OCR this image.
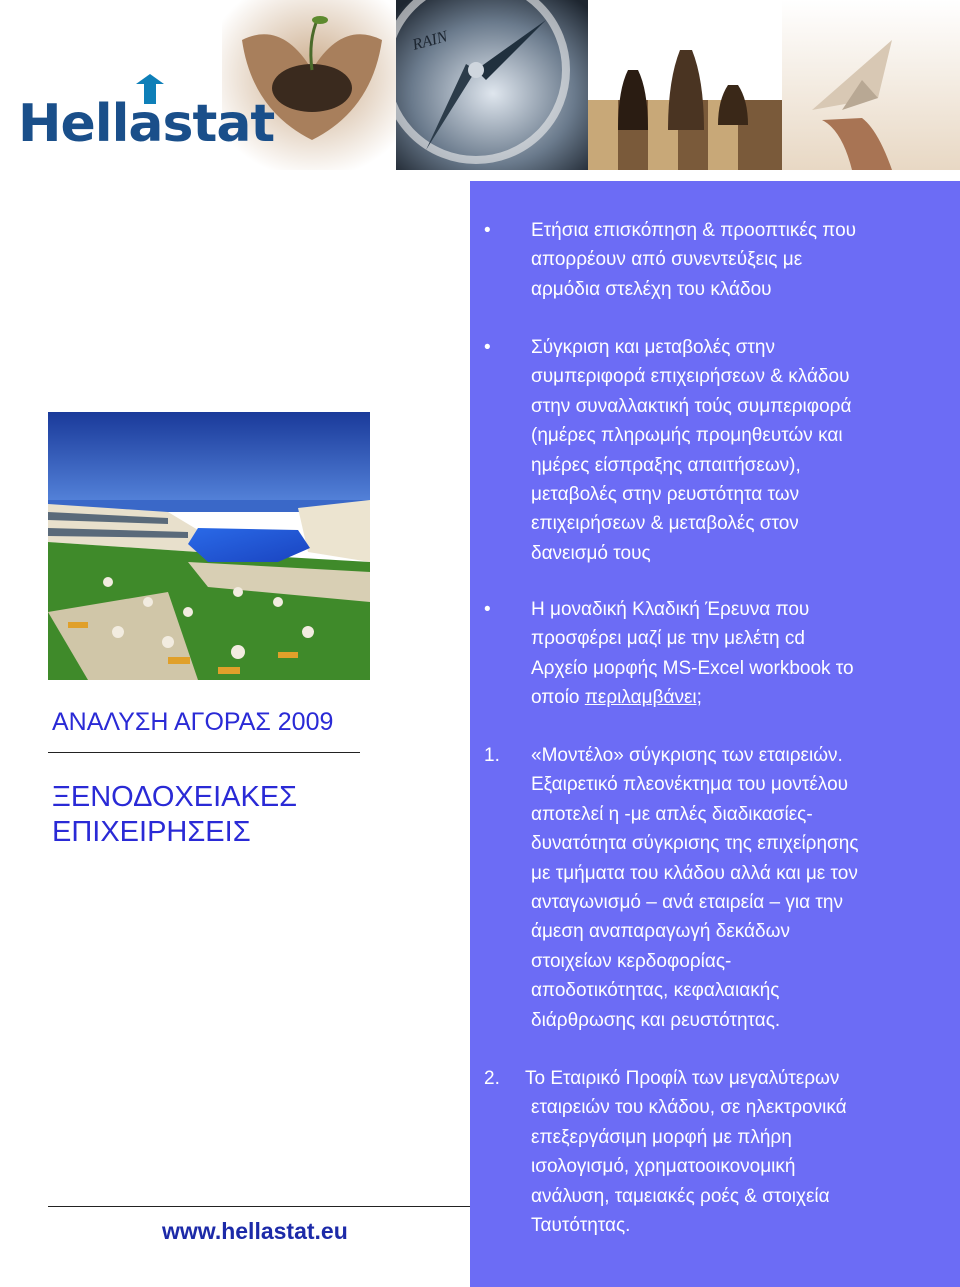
RAIN
Hellastat
ΑΝΑΛΥΣΗ ΑΓΟΡΑΣ 2009
ΞΕΝΟΔΟΧΕΙΑΚΕΣ
ΕΠΙΧΕΙΡΗΣΕΙΣ
www.hellastat.eu
• Ετήσια επισκόπηση & προοπτικές που
απορρέουν από συνεντεύξεις με
αρμόδια στελέχη του κλάδου
• Σύγκριση και μεταβολές στην
συμπεριφορά επιχειρήσεων & κλάδου
στην συναλλακτική τούς συμπεριφορά
(ημέρες πληρωμής προμηθευτών και
ημέρες είσπραξης απαιτήσεων),
μεταβολές στην ρευστότητα των
επιχειρήσεων & μεταβολές στον
δανεισμό τους
• Η μοναδική Κλαδική Έρευνα που
προσφέρει μαζί με την μελέτη cd
Αρχείο μορφής MS-Excel workbook το
οποίο περιλαμβάνει;
1. «Μοντέλο» σύγκρισης των εταιρειών.
Εξαιρετικό πλεονέκτημα του μοντέλου
αποτελεί η -με απλές διαδικασίες-
δυνατότητα σύγκρισης της επιχείρησης
με τμήματα του κλάδου αλλά και με τον
ανταγωνισμό – ανά εταιρεία – για την
άμεση αναπαραγωγή δεκάδων
στοιχείων κερδοφορίας-
αποδοτικότητας, κεφαλαιακής
διάρθρωσης και ρευστότητας.
2. Το Εταιρικό Προφίλ των μεγαλύτερων
εταιρειών του κλάδου, σε ηλεκτρονικά
επεξεργάσιμη μορφή με πλήρη
ισολογισμό, χρηματοοικονομική
ανάλυση, ταμειακές ροές & στοιχεία
Ταυτότητας.
